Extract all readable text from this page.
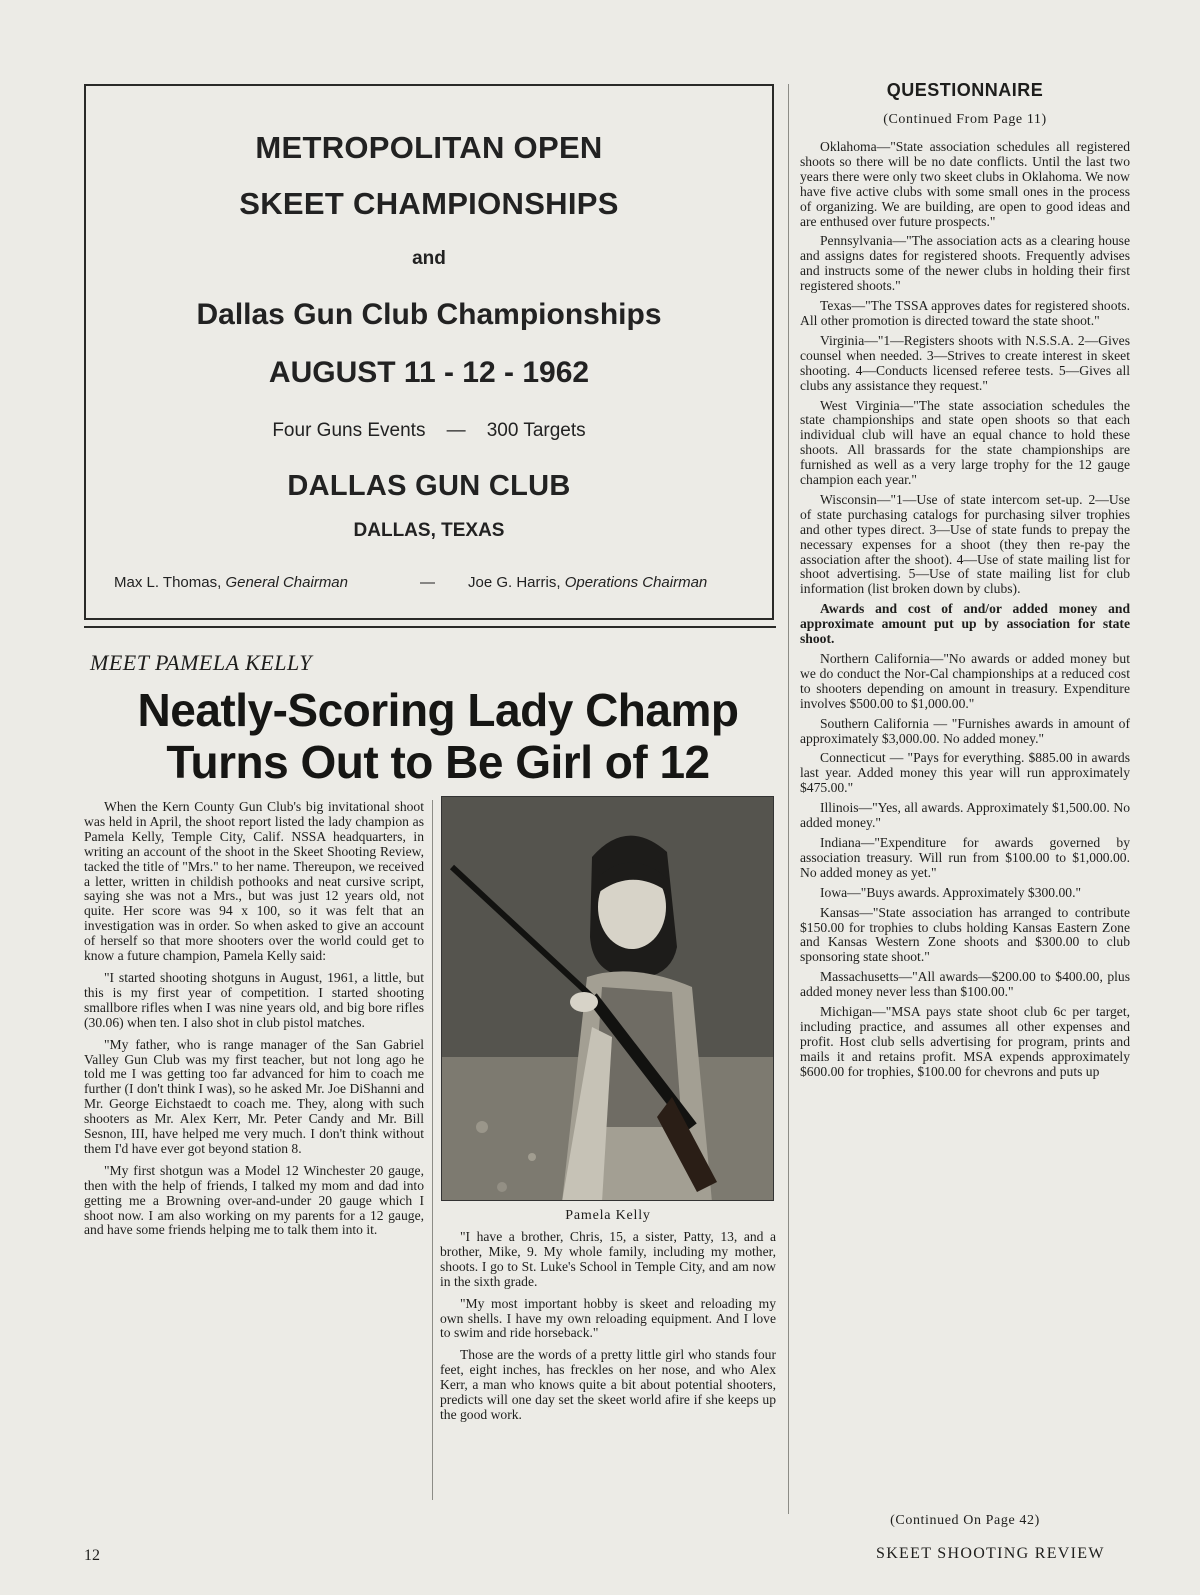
METROPOLITAN OPEN
SKEET CHAMPIONSHIPS
and
Dallas Gun Club Championships
AUGUST 11 - 12 - 1962
Four Guns Events — 300 Targets
DALLAS GUN CLUB
DALLAS, TEXAS
Max L. Thomas, General Chairman	— Joe G. Harris, Operations Chairman
MEET PAMELA KELLY
Neatly-Scoring Lady Champ
Turns Out to Be Girl of 12

When the Kern County Gun Club's big invitational shoot was held in April, the shoot report listed the lady champion as Pamela Kelly, Temple City, Calif. NSSA headquarters, in writing an account of the shoot in the Skeet Shooting Review, tacked the title of "Mrs." to her name. Thereupon, we received a letter, written in childish pothooks and neat cursive script, saying she was not a Mrs., but was just 12 years old, not quite. Her score was 94 x 100, so it was felt that an investigation was in order. So when asked to give an account of herself so that more shooters over the world could get to know a future champion, Pamela Kelly said:

"I started shooting shotguns in August, 1961, a little, but this is my first year of competition. I started shooting smallbore rifles when I was nine years old, and big bore rifles (30.06) when ten. I also shot in club pistol matches.

"My father, who is range manager of the San Gabriel Valley Gun Club was my first teacher, but not long ago he told me I was getting too far advanced for him to coach me further (I don't think I was), so he asked Mr. Joe DiShanni and Mr. George Eichstaedt to coach me. They, along with such shooters as Mr. Alex Kerr, Mr. Peter Candy and Mr. Bill Sesnon, III, have helped me very much. I don't think without them I'd have ever got beyond station 8.

"My first shotgun was a Model 12 Winchester 20 gauge, then with the help of friends, I talked my mom and dad into getting me a Browning over-and-under 20 gauge which I shoot now. I am also working on my parents for a 12 gauge, and have some friends helping me to talk them into it.

Pamela Kelly

"I have a brother, Chris, 15, a sister, Patty, 13, and a brother, Mike, 9. My whole family, including my mother, shoots. I go to St. Luke's School in Temple City, and am now in the sixth grade.

"My most important hobby is skeet and reloading my own shells. I have my own reloading equipment. And I love to swim and ride horseback."

Those are the words of a pretty little girl who stands four feet, eight inches, has freckles on her nose, and who Alex Kerr, a man who knows quite a bit about potential shooters, predicts will one day set the skeet world afire if she keeps up the good work.

QUESTIONNAIRE
(Continued From Page 11)

Oklahoma—"State association schedules all registered shoots so there will be no date conflicts. Until the last two years there were only two skeet clubs in Oklahoma. We now have five active clubs with some small ones in the process of organizing. We are building, are open to good ideas and are enthused over future prospects."

Pennsylvania—"The association acts as a clearing house and assigns dates for registered shoots. Frequently advises and instructs some of the newer clubs in holding their first registered shoots."

Texas—"The TSSA approves dates for registered shoots. All other promotion is directed toward the state shoot."

Virginia—"1—Registers shoots with N.S.S.A. 2—Gives counsel when needed. 3—Strives to create interest in skeet shooting. 4—Conducts licensed referee tests. 5—Gives all clubs any assistance they request."

West Virginia—"The state association schedules the state championships and state open shoots so that each individual club will have an equal chance to hold these shoots. All brassards for the state championships are furnished as well as a very large trophy for the 12 gauge champion each year."

Wisconsin—"1—Use of state intercom set-up. 2—Use of state purchasing catalogs for purchasing silver trophies and other types direct. 3—Use of state funds to prepay the necessary expenses for a shoot (they then re-pay the association after the shoot). 4—Use of state mailing list for shoot advertising. 5—Use of state mailing list for club information (list broken down by clubs).

Awards and cost of and/or added money and approximate amount put up by association for state shoot.

Northern California—"No awards or added money but we do conduct the Nor-Cal championships at a reduced cost to shooters depending on amount in treasury. Expenditure involves $500.00 to $1,000.00."

Southern California — "Furnishes awards in amount of approximately $3,000.00. No added money."

Connecticut — "Pays for everything. $885.00 in awards last year. Added money this year will run approximately $475.00."

Illinois—"Yes, all awards. Approximately $1,500.00. No added money."

Indiana—"Expenditure for awards governed by association treasury. Will run from $100.00 to $1,000.00. No added money as yet."

Iowa—"Buys awards. Approximately $300.00."

Kansas—"State association has arranged to contribute $150.00 for trophies to clubs holding Kansas Eastern Zone and Kansas Western Zone shoots and $300.00 to club sponsoring state shoot."

Massachusetts—"All awards—$200.00 to $400.00, plus added money never less than $100.00."

Michigan—"MSA pays state shoot club 6c per target, including practice, and assumes all other expenses and profit. Host club sells advertising for program, prints and mails it and retains profit. MSA expends approximately $600.00 for trophies, $100.00 for chevrons and puts up

(Continued On Page 42)
12	SKEET SHOOTING REVIEW
